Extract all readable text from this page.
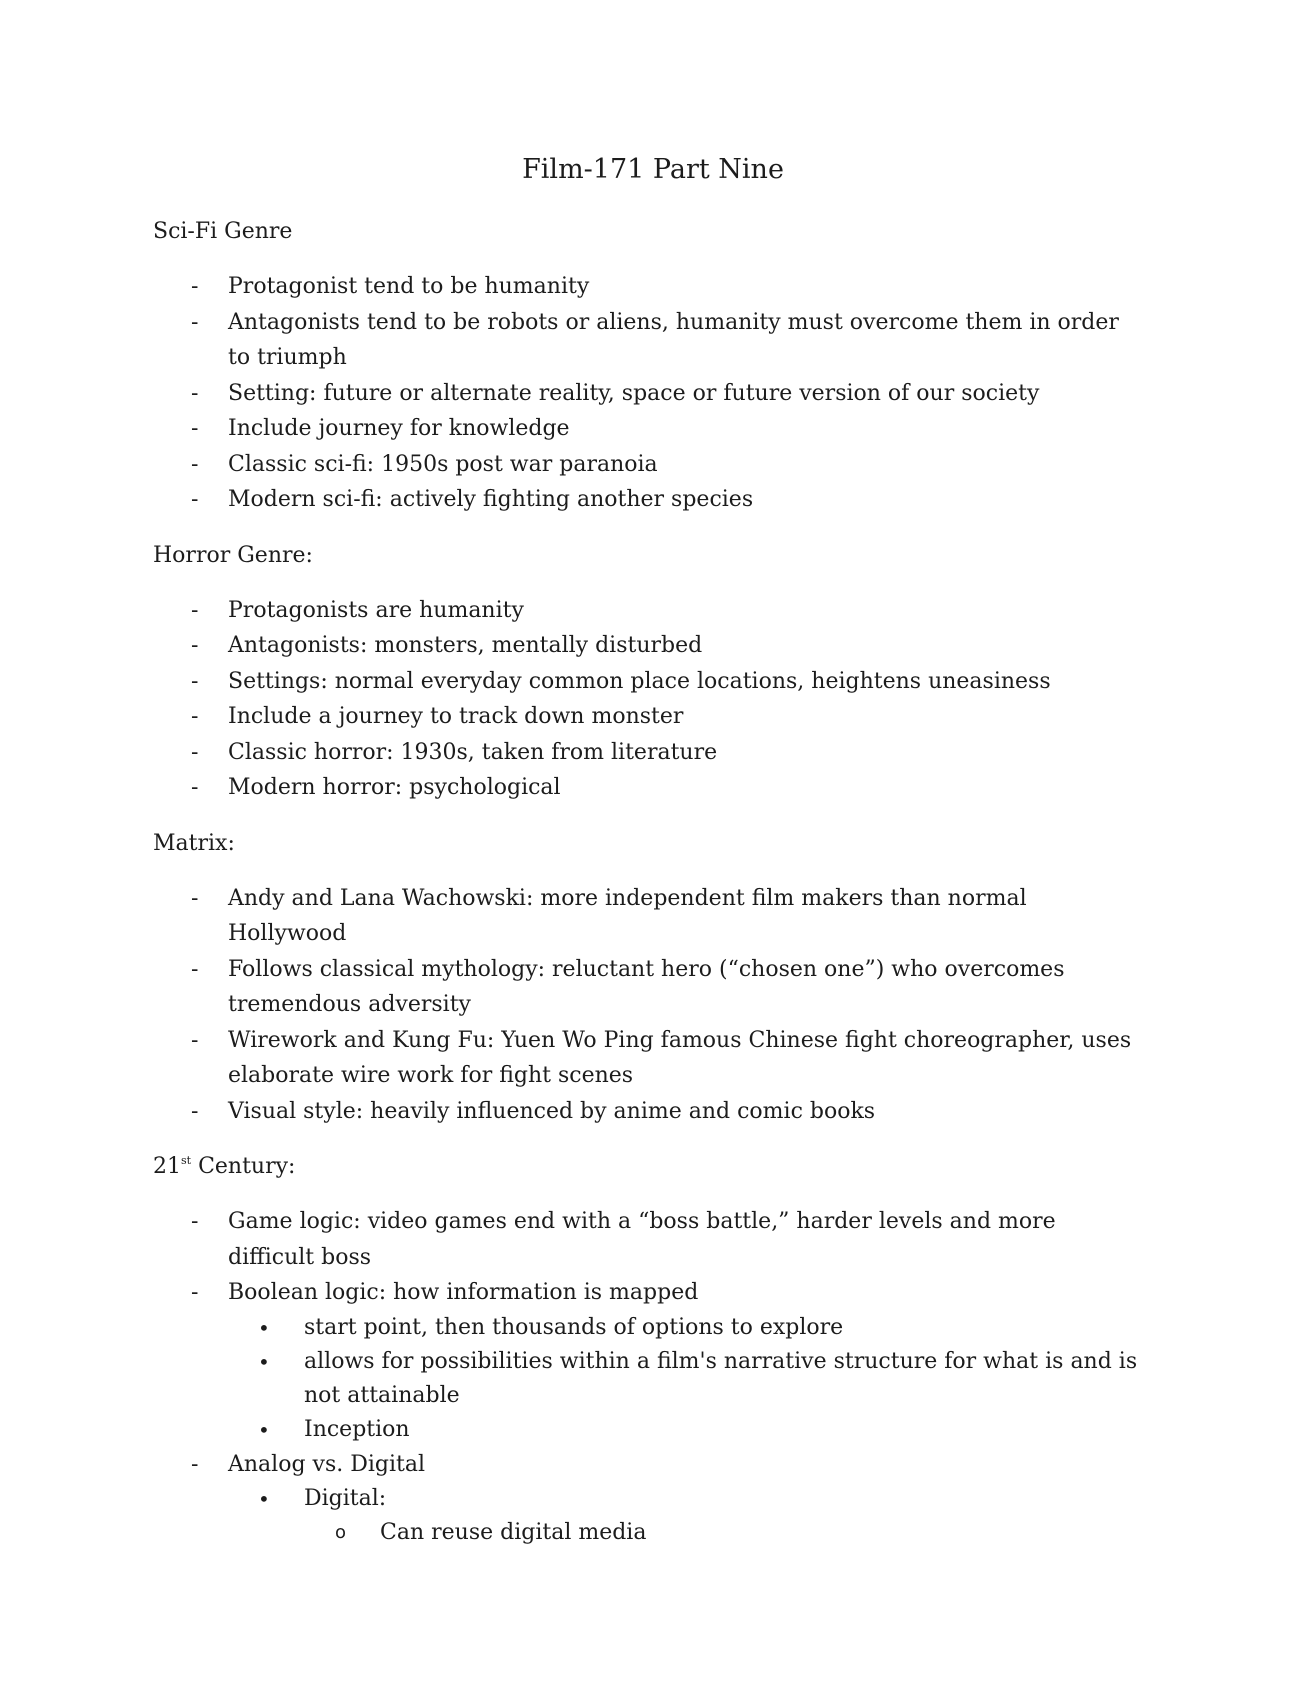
Film-171 Part Nine
Sci-Fi Genre
- Protagonist tend to be humanity
- Antagonists tend to be robots or aliens, humanity must overcome them in order to triumph
- Setting: future or alternate reality, space or future version of our society
- Include journey for knowledge
- Classic sci-fi: 1950s post war paranoia
- Modern sci-fi: actively fighting another species
Horror Genre:
- Protagonists are humanity
- Antagonists: monsters, mentally disturbed
- Settings: normal everyday common place locations, heightens uneasiness
- Include a journey to track down monster
- Classic horror: 1930s, taken from literature
- Modern horror: psychological
Matrix:
- Andy and Lana Wachowski: more independent film makers than normal Hollywood
- Follows classical mythology: reluctant hero (“chosen one”) who overcomes tremendous adversity
- Wirework and Kung Fu: Yuen Wo Ping famous Chinese fight choreographer, uses elaborate wire work for fight scenes
- Visual style: heavily influenced by anime and comic books
21st Century:
- Game logic: video games end with a “boss battle,” harder levels and more difficult boss
- Boolean logic: how information is mapped
• start point, then thousands of options to explore
• allows for possibilities within a film's narrative structure for what is and is not attainable
• Inception
- Analog vs. Digital
• Digital:
o Can reuse digital media
